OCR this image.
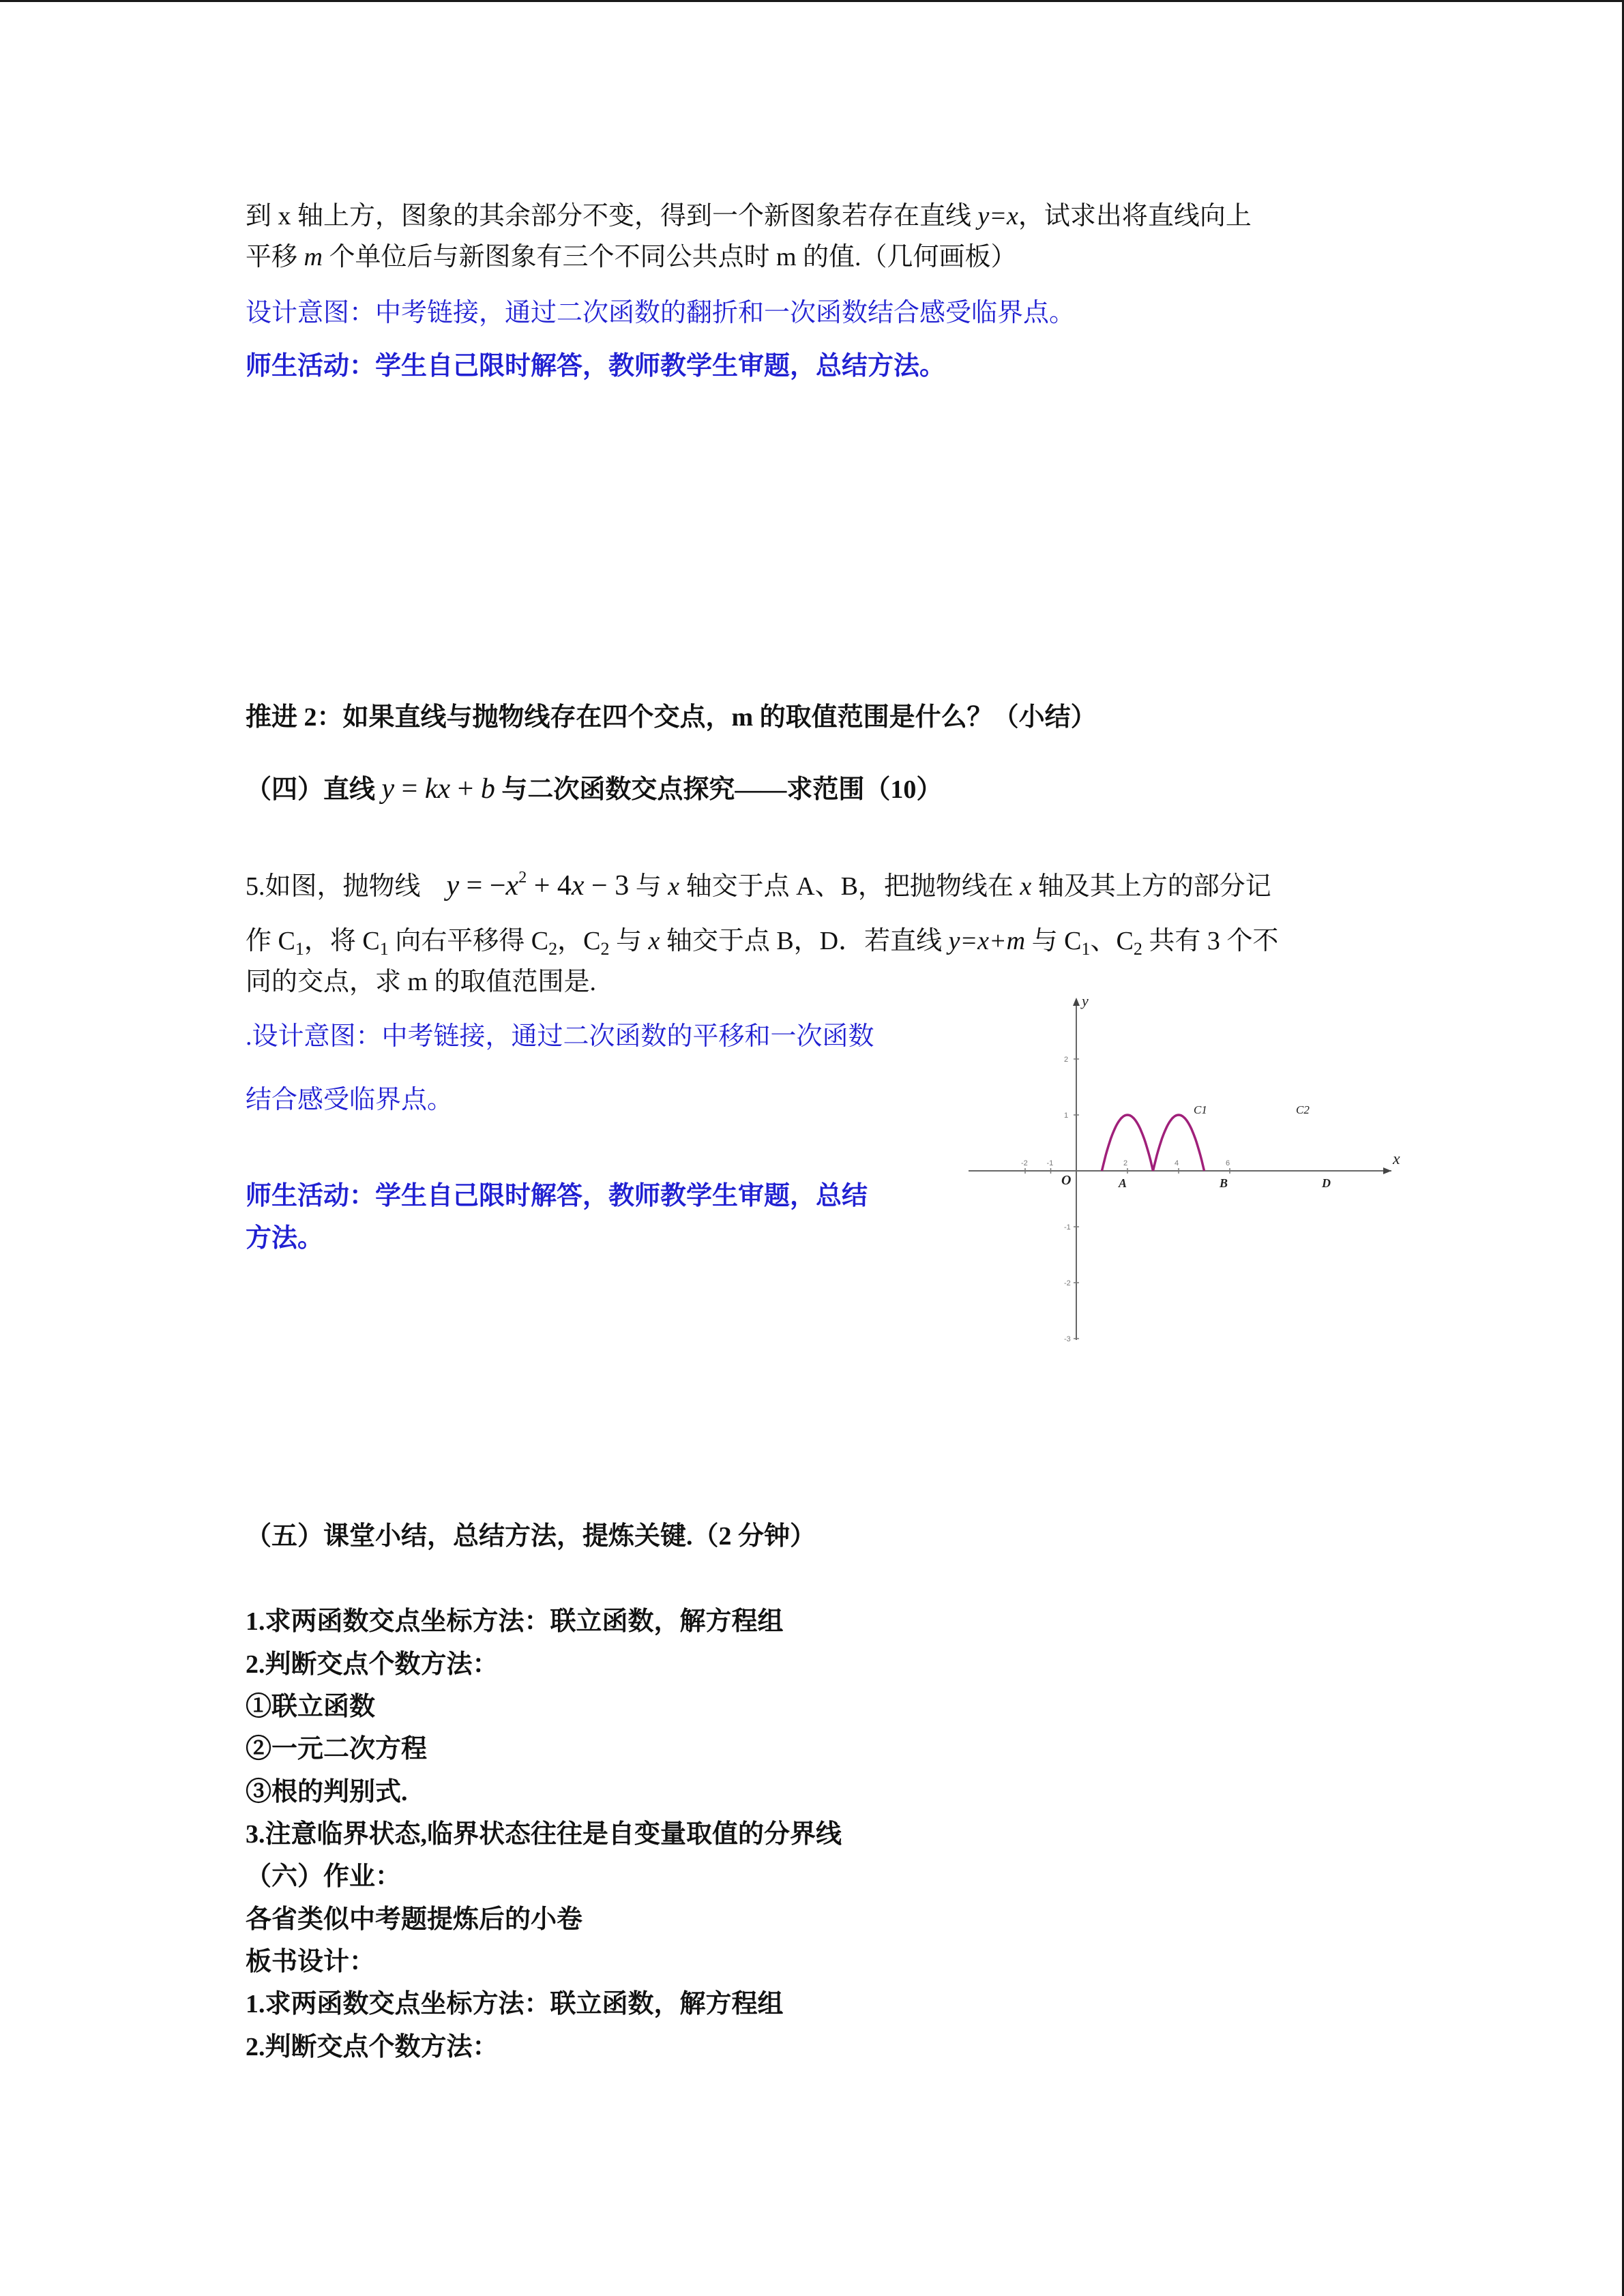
到 x 轴上方，图象的其余部分不变，得到一个新图象若存在直线 y=x，试求出将直线向上
平移 m 个单位后与新图象有三个不同公共点时 m 的值.（几何画板）
设计意图：中考链接，通过二次函数的翻折和一次函数结合感受临界点。
师生活动：学生自己限时解答，教师教学生审题，总结方法。
推进 2：如果直线与抛物线存在四个交点，m 的取值范围是什么？（小结）
（四）直线 y = kx + b 与二次函数交点探究——求范围（10）
5.如图，抛物线　$y = -x^2 + 4x - 3$ 与 x 轴交于点 A、B，把抛物线在 x 轴及其上方的部分记
作 $C_1$，将 $C_1$ 向右平移得 $C_2$，$C_2$ 与 x 轴交于点 B，D．若直线 y=x+m 与 $C_1$、$C_2$ 共有 3 个不
同的交点，求 m 的取值范围是.
.设计意图：中考链接，通过二次函数的平移和一次函数
结合感受临界点。
师生活动：学生自己限时解答，教师教学生审题，总结
方法。
-2	-1	2	4	6
2
1
-1
-2
-3
x
y
O	A	B	D
C1	C2
（五）课堂小结，总结方法，提炼关键.（2 分钟）
1.求两函数交点坐标方法：联立函数，解方程组
2.判断交点个数方法：
①联立函数
②一元二次方程
③根的判别式.
3.注意临界状态,临界状态往往是自变量取值的分界线
（六）作业：
各省类似中考题提炼后的小卷
板书设计：
1.求两函数交点坐标方法：联立函数，解方程组
2.判断交点个数方法：
